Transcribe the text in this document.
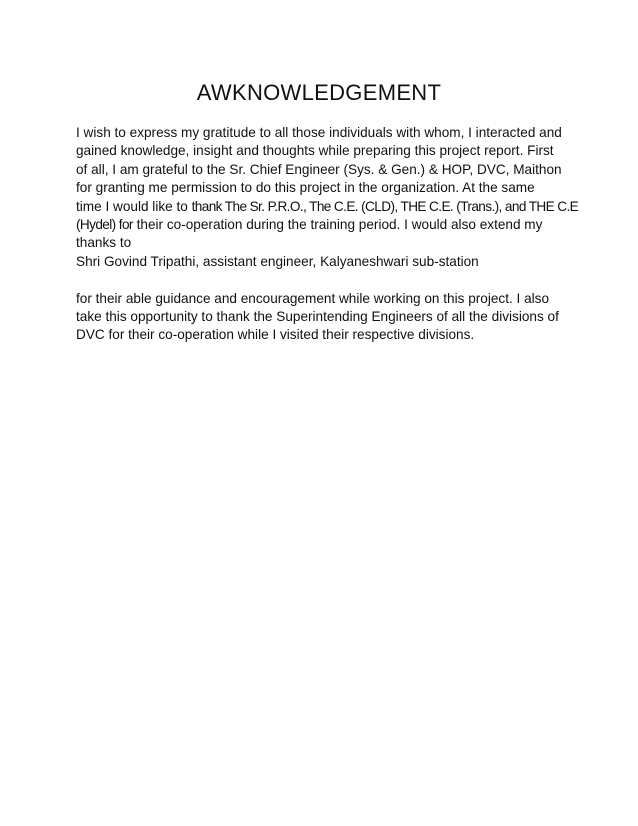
AWKNOWLEDGEMENT

I wish to express my gratitude to all those individuals with whom, I interacted and
gained knowledge, insight and thoughts while preparing this project report. First
of all, I am grateful to the Sr. Chief Engineer (Sys. & Gen.) & HOP, DVC, Maithon
for granting me permission to do this project in the organization. At the same
time I would like to thank The Sr. P.R.O., The C.E. (CLD), THE C.E. (Trans.), and THE C.E
(Hydel) for their co-operation during the training period. I would also extend my
thanks to
Shri Govind Tripathi, assistant engineer, Kalyaneshwari sub-station

for their able guidance and encouragement while working on this project. I also
take this opportunity to thank the Superintending Engineers of all the divisions of
DVC for their co-operation while I visited their respective divisions.
